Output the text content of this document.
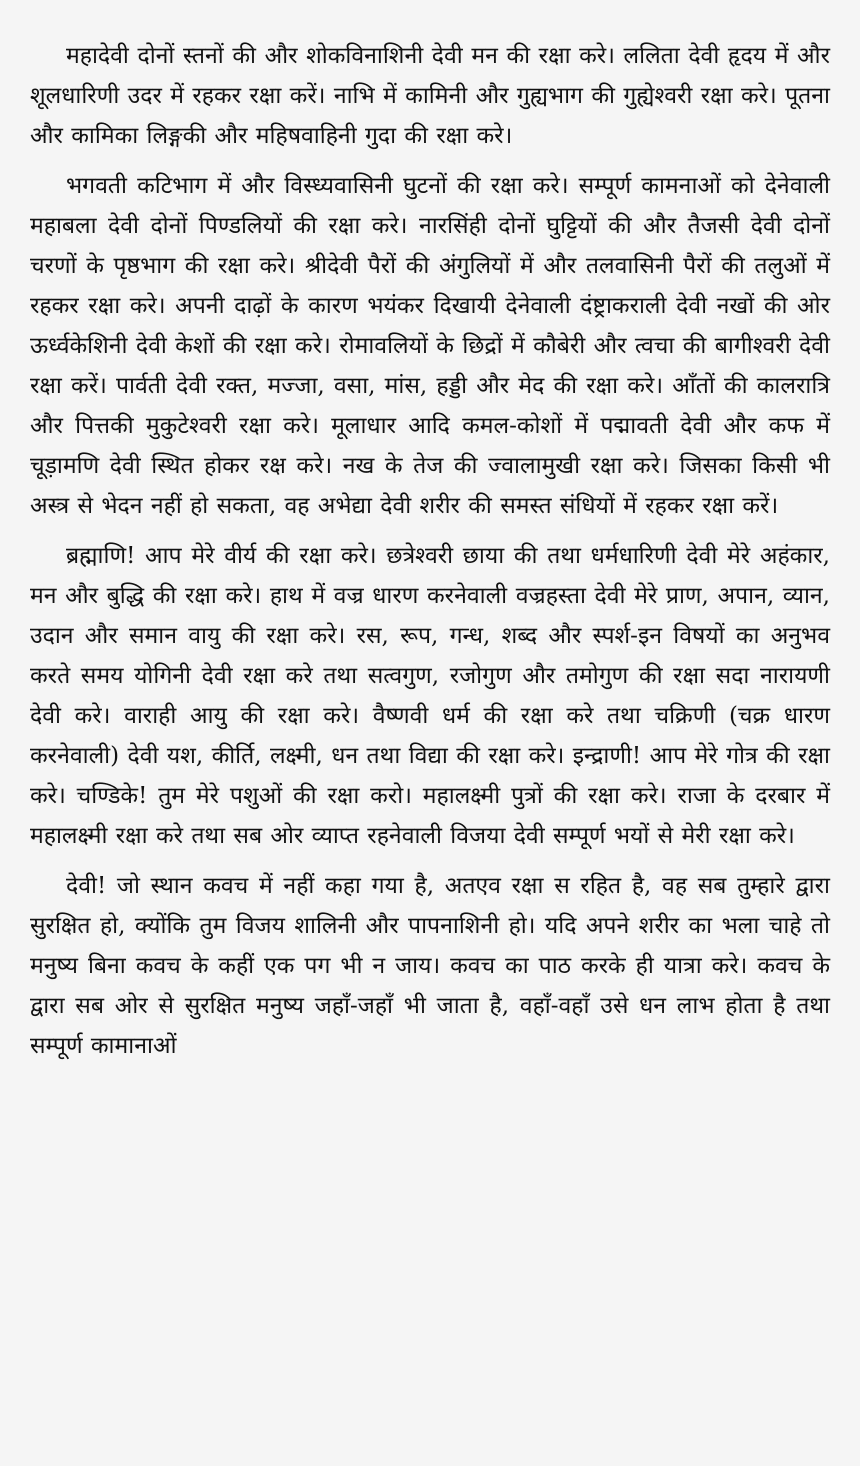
महादेवी दोनों स्तनों की और शोकविनाशिनी देवी मन की रक्षा करे। ललिता देवी हृदय में और शूलधारिणी उदर में रहकर रक्षा करें। नाभि में कामिनी और गुह्यभाग की गुह्येश्वरी रक्षा करे। पूतना और कामिका लिङ्गकी और महिषवाहिनी गुदा की रक्षा करे।

भगवती कटिभाग में और विस्ध्यवासिनी घुटनों की रक्षा करे। सम्पूर्ण कामनाओं को देनेवाली महाबला देवी दोनों पिण्डलियों की रक्षा करे। नारसिंही दोनों घुट्टियों की और तैजसी देवी दोनों चरणों के पृष्ठभाग की रक्षा करे। श्रीदेवी पैरों की अंगुलियों में और तलवासिनी पैरों की तलुओं में रहकर रक्षा करे। अपनी दाढ़ों के कारण भयंकर दिखायी देनेवाली दंष्ट्राकराली देवी नखों की ओर ऊर्ध्वकेशिनी देवी केशों की रक्षा करे। रोमावलियों के छिद्रों में कौबेरी और त्वचा की बागीश्वरी देवी रक्षा करें। पार्वती देवी रक्त, मज्जा, वसा, मांस, हड्डी और मेद की रक्षा करे। आँतों की कालरात्रि और पित्तकी मुकुटेश्वरी रक्षा करे। मूलाधार आदि कमल-कोशों में पद्मावती देवी और कफ में चूड़ामणि देवी स्थित होकर रक्ष करे। नख के तेज की ज्वालामुखी रक्षा करे। जिसका किसी भी अस्त्र से भेदन नहीं हो सकता, वह अभेद्या देवी शरीर की समस्त संधियों में रहकर रक्षा करें।

ब्रह्माणि! आप मेरे वीर्य की रक्षा करे। छत्रेश्वरी छाया की तथा धर्मधारिणी देवी मेरे अहंकार, मन और बुद्धि की रक्षा करे। हाथ में वज्र धारण करनेवाली वज्रहस्ता देवी मेरे प्राण, अपान, व्यान, उदान और समान वायु की रक्षा करे। रस, रूप, गन्ध, शब्द और स्पर्श-इन विषयों का अनुभव करते समय योगिनी देवी रक्षा करे तथा सत्वगुण, रजोगुण और तमोगुण की रक्षा सदा नारायणी देवी करे। वाराही आयु की रक्षा करे। वैष्णवी धर्म की रक्षा करे तथा चक्रिणी (चक्र धारण करनेवाली) देवी यश, कीर्ति, लक्ष्मी, धन तथा विद्या की रक्षा करे। इन्द्राणी! आप मेरे गोत्र की रक्षा करे। चण्डिके! तुम मेरे पशुओं की रक्षा करो। महालक्ष्मी पुत्रों की रक्षा करे। राजा के दरबार में महालक्ष्मी रक्षा करे तथा सब ओर व्याप्त रहनेवाली विजया देवी सम्पूर्ण भयों से मेरी रक्षा करे।

देवी! जो स्थान कवच में नहीं कहा गया है, अतएव रक्षा स रहित है, वह सब तुम्हारे द्वारा सुरक्षित हो, क्योंकि तुम विजय शालिनी और पापनाशिनी हो। यदि अपने शरीर का भला चाहे तो मनुष्य बिना कवच के कहीं एक पग भी न जाय। कवच का पाठ करके ही यात्रा करे। कवच के द्वारा सब ओर से सुरक्षित मनुष्य जहाँ-जहाँ भी जाता है, वहाँ-वहाँ उसे धन लाभ होता है तथा सम्पूर्ण कामानाओं
